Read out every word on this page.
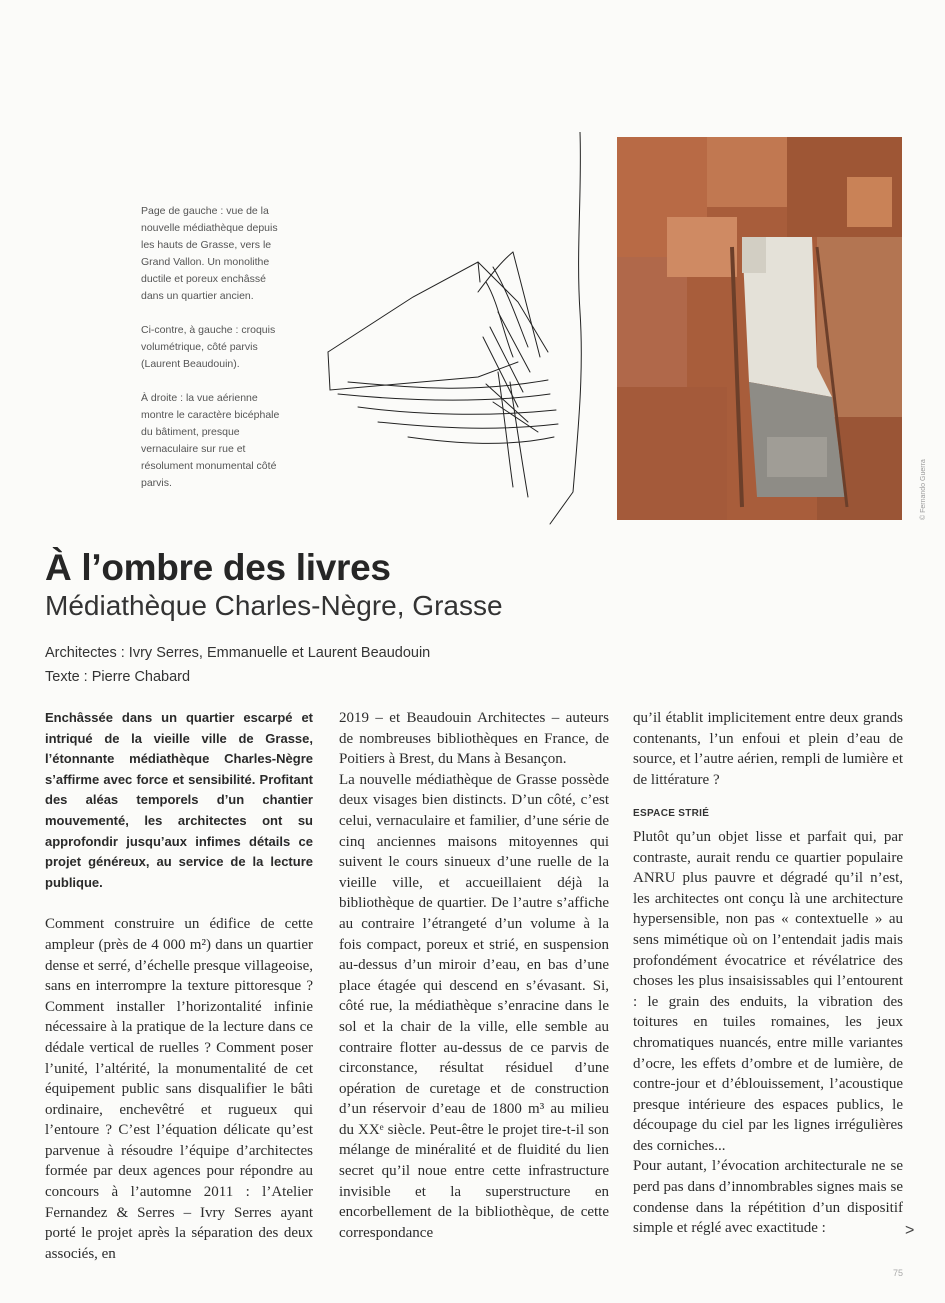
Page de gauche : vue de la nouvelle médiathèque depuis les hauts de Grasse, vers le Grand Vallon. Un monolithe ductile et poreux enchâssé dans un quartier ancien.

Ci-contre, à gauche : croquis volumétrique, côté parvis (Laurent Beaudouin).

À droite : la vue aérienne montre le caractère bicéphale du bâtiment, presque vernaculaire sur rue et résolument monumental côté parvis.	© Fernando Guerra
À l’ombre des livres
Médiathèque Charles-Nègre, Grasse
Architectes : Ivry Serres, Emmanuelle et Laurent Beaudouin
Texte : Pierre Chabard

Enchâssée dans un quartier escarpé et intriqué de la vieille ville de Grasse, l’étonnante médiathèque Charles-Nègre s’affirme avec force et sensibilité. Profitant des aléas temporels d’un chantier mouvementé, les architectes ont su approfondir jusqu’aux infimes détails ce projet généreux, au service de la lecture publique.

Comment construire un édifice de cette ampleur (près de 4 000 m²) dans un quartier dense et serré, d’échelle presque villageoise, sans en interrompre la texture pittoresque ? Comment installer l’horizontalité infinie nécessaire à la pratique de la lecture dans ce dédale vertical de ruelles ? Comment poser l’unité, l’altérité, la monumentalité de cet équipement public sans disqualifier le bâti ordinaire, enchevêtré et rugueux qui l’entoure ? C’est l’équation délicate qu’est parvenue à résoudre l’équipe d’architectes formée par deux agences pour répondre au concours à l’automne 2011 : l’Atelier Fernandez & Serres – Ivry Serres ayant porté le projet après la séparation des deux associés, en

2019 – et Beaudouin Architectes – auteurs de nombreuses bibliothèques en France, de Poitiers à Brest, du Mans à Besançon.

La nouvelle médiathèque de Grasse possède deux visages bien distincts. D’un côté, c’est celui, vernaculaire et familier, d’une série de cinq anciennes maisons mitoyennes qui suivent le cours sinueux d’une ruelle de la vieille ville, et accueillaient déjà la bibliothèque de quartier. De l’autre s’affiche au contraire l’étrangeté d’un volume à la fois compact, poreux et strié, en suspension au-dessus d’un miroir d’eau, en bas d’une place étagée qui descend en s’évasant. Si, côté rue, la médiathèque s’enracine dans le sol et la chair de la ville, elle semble au contraire flotter au-dessus de ce parvis de circonstance, résultat résiduel d’une opération de curetage et de construction d’un réservoir d’eau de 1800 m³ au milieu du XXᵉ siècle. Peut-être le projet tire-t-il son mélange de minéralité et de fluidité du lien secret qu’il noue entre cette infrastructure invisible et la superstructure en encorbellement de la bibliothèque, de cette correspondance

qu’il établit implicitement entre deux grands contenants, l’un enfoui et plein d’eau de source, et l’autre aérien, rempli de lumière et de littérature ?

ESPACE STRIÉ

Plutôt qu’un objet lisse et parfait qui, par contraste, aurait rendu ce quartier populaire ANRU plus pauvre et dégradé qu’il n’est, les architectes ont conçu là une architecture hypersensible, non pas « contextuelle » au sens mimétique où on l’entendait jadis mais profondément évocatrice et révélatrice des choses les plus insaisissables qui l’entourent : le grain des enduits, la vibration des toitures en tuiles romaines, les jeux chromatiques nuancés, entre mille variantes d’ocre, les effets d’ombre et de lumière, de contre-jour et d’éblouissement, l’acoustique presque intérieure des espaces publics, le découpage du ciel par les lignes irrégulières des corniches...

Pour autant, l’évocation architecturale ne se perd pas dans d’innombrables signes mais se condense dans la répétition d’un dispositif simple et réglé avec exactitude :	>
75
